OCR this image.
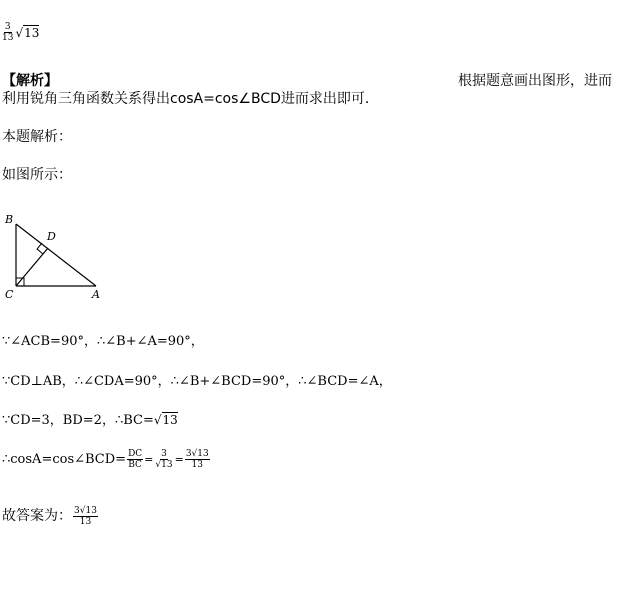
$\frac{3}{13} √13$
【解析】	根据题意画出图形，进而
利用锐角三角函数关系得出cosA=cos∠BCD进而求出即可．
本题解析：
如图所示：
B
D
C	A
∵∠ACB=90°，∴∠B+∠A=90°，
∵CD⊥AB，∴∠CDA=90°，∴∠B+∠BCD=90°，∴∠BCD=∠A，
∵CD=3，BD=2，∴BC=√13
∴cosA=cos∠BCD= $\frac{DC}{BC} = \frac{3}{√13} = \frac{3√13}{13}$
故答案为： $\frac{3√13}{13}$
